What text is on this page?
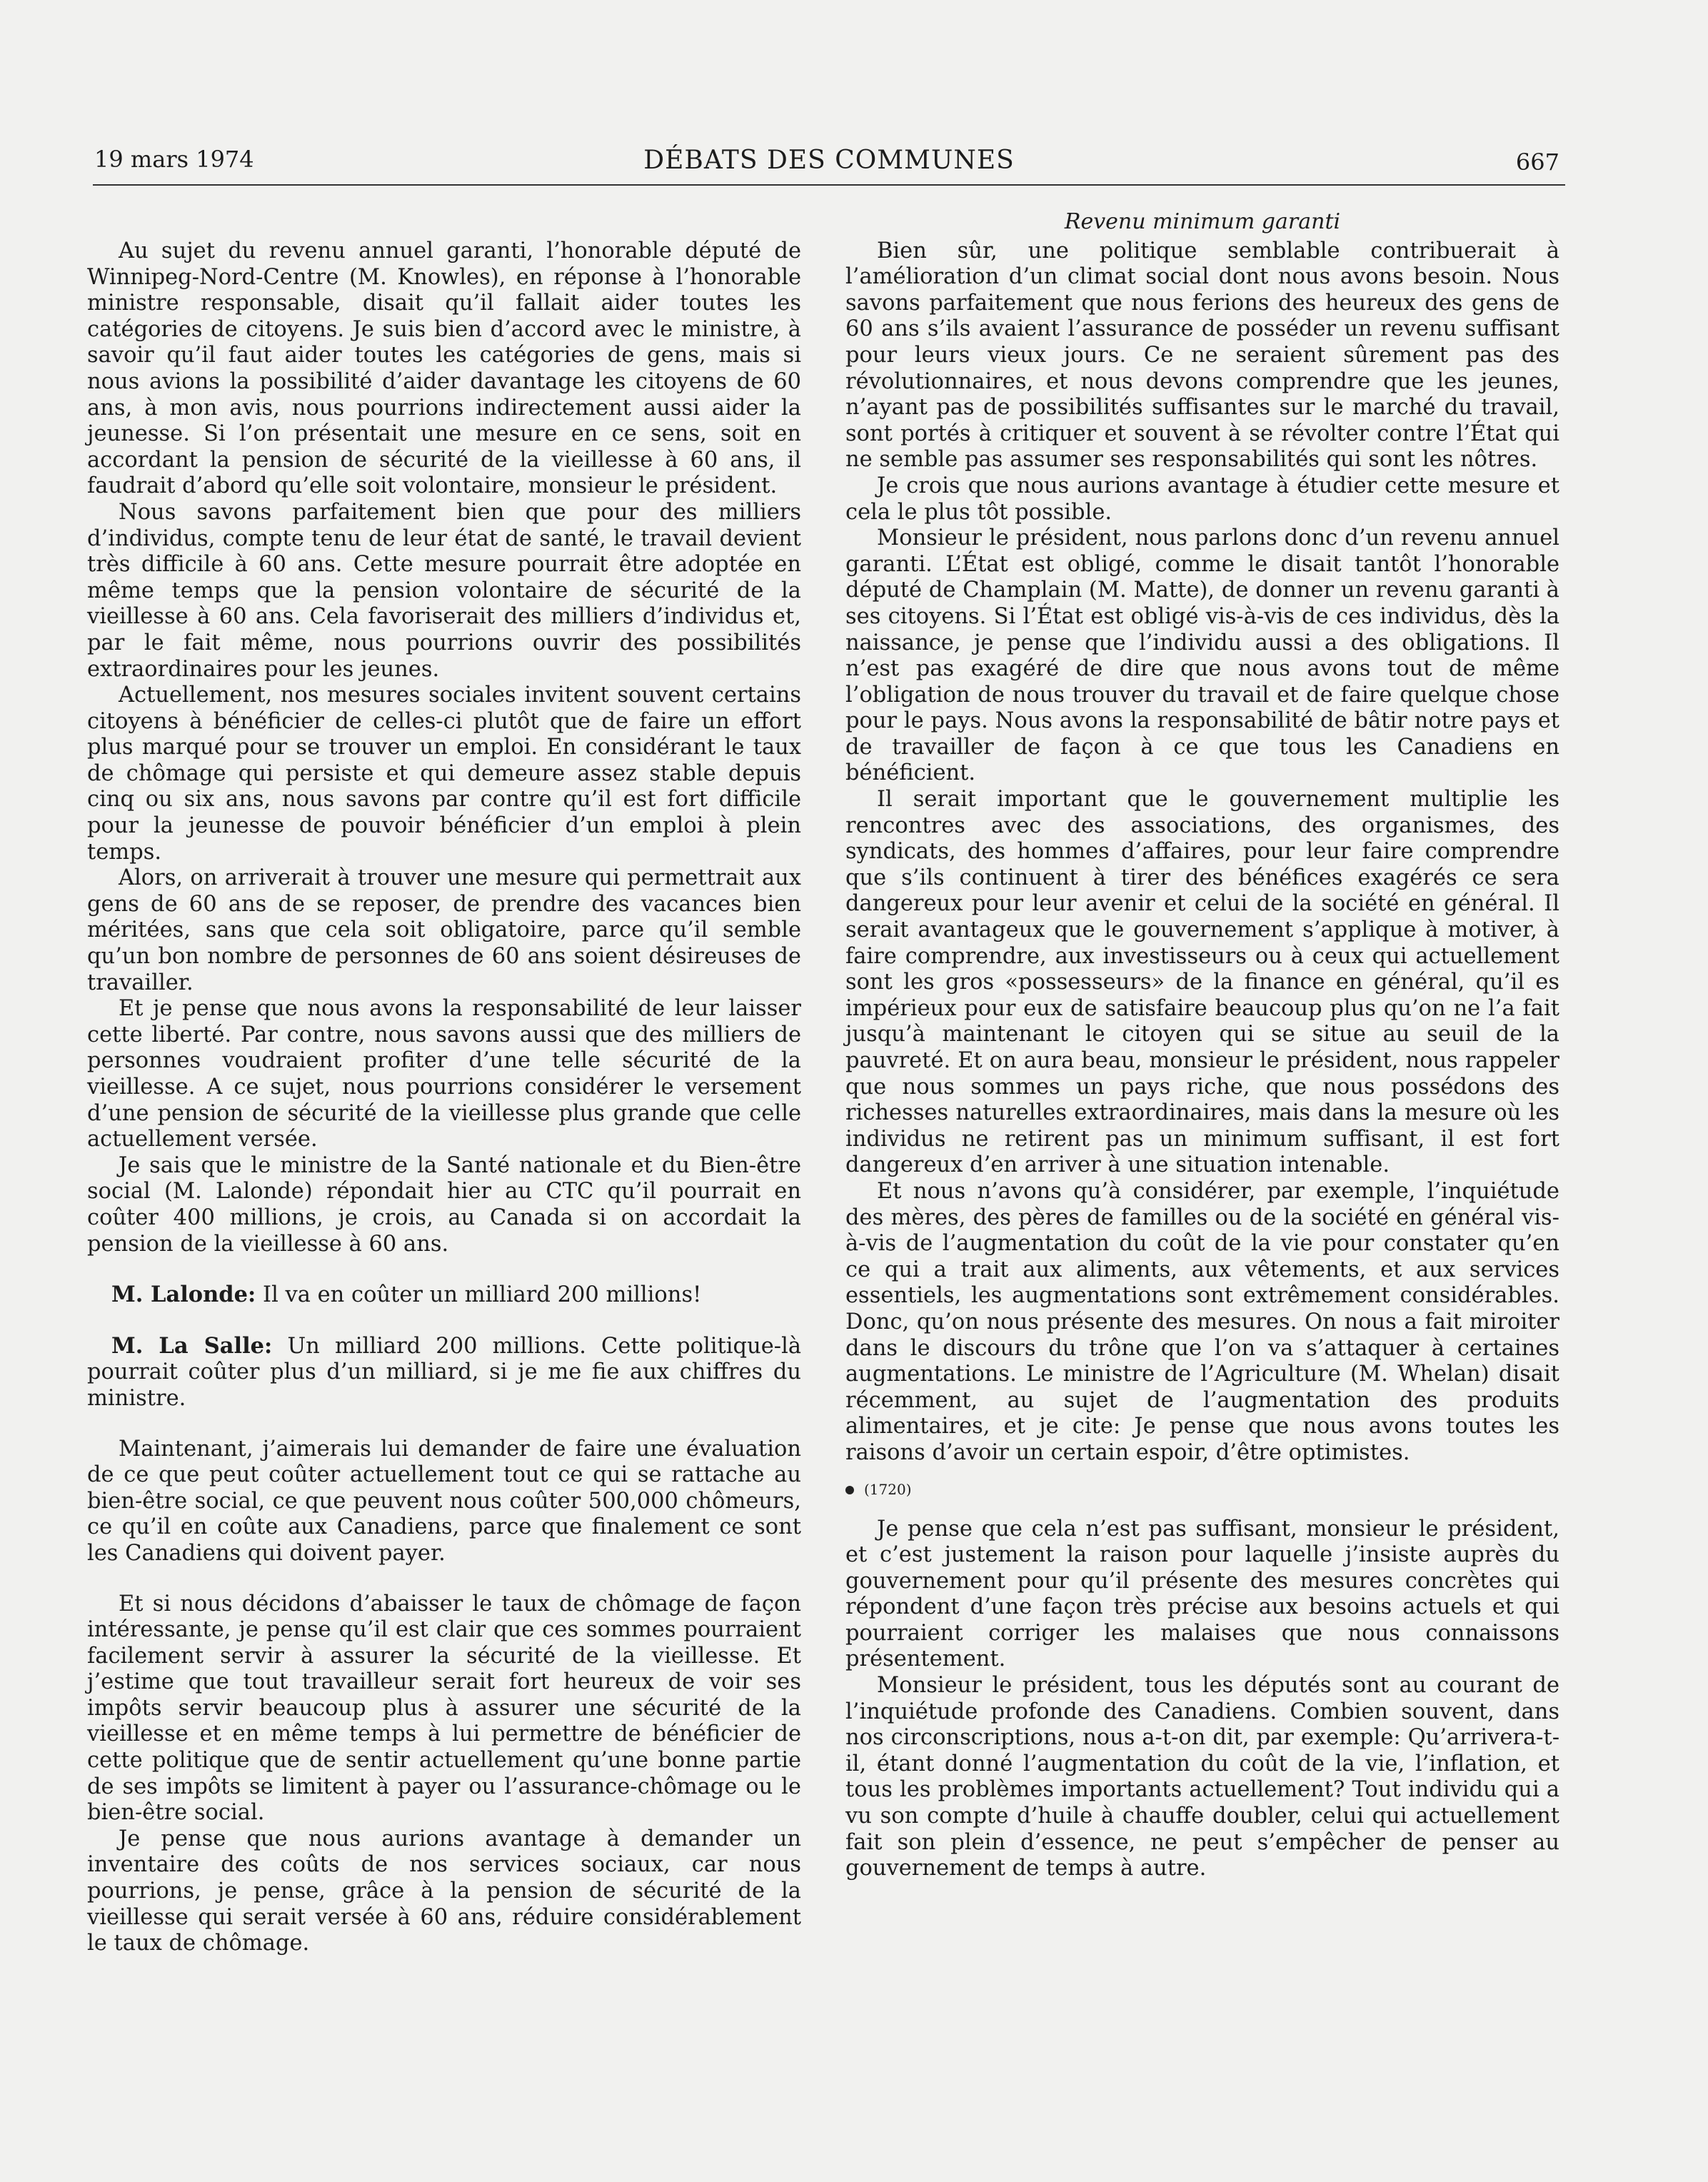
19 mars 1974	DÉBATS DES COMMUNES	667

Au sujet du revenu annuel garanti, l’honorable député de Winnipeg-Nord-Centre (M. Knowles), en réponse à l’honorable ministre responsable, disait qu’il fallait aider toutes les catégories de citoyens. Je suis bien d’accord avec le ministre, à savoir qu’il faut aider toutes les catégories de gens, mais si nous avions la possibilité d’aider davantage les citoyens de 60 ans, à mon avis, nous pourrions indirectement aussi aider la jeunesse. Si l’on présentait une mesure en ce sens, soit en accordant la pension de sécurité de la vieillesse à 60 ans, il faudrait d’abord qu’elle soit volontaire, monsieur le président.

Nous savons parfaitement bien que pour des milliers d’individus, compte tenu de leur état de santé, le travail devient très difficile à 60 ans. Cette mesure pourrait être adoptée en même temps que la pension volontaire de sécurité de la vieillesse à 60 ans. Cela favoriserait des milliers d’individus et, par le fait même, nous pourrions ouvrir des possibilités extraordinaires pour les jeunes.

Actuellement, nos mesures sociales invitent souvent certains citoyens à bénéficier de celles-ci plutôt que de faire un effort plus marqué pour se trouver un emploi. En considérant le taux de chômage qui persiste et qui demeure assez stable depuis cinq ou six ans, nous savons par contre qu’il est fort difficile pour la jeunesse de pouvoir bénéficier d’un emploi à plein temps.

Alors, on arriverait à trouver une mesure qui permettrait aux gens de 60 ans de se reposer, de prendre des vacances bien méritées, sans que cela soit obligatoire, parce qu’il semble qu’un bon nombre de personnes de 60 ans soient désireuses de travailler.

Et je pense que nous avons la responsabilité de leur laisser cette liberté. Par contre, nous savons aussi que des milliers de personnes voudraient profiter d’une telle sécurité de la vieillesse. A ce sujet, nous pourrions considérer le versement d’une pension de sécurité de la vieillesse plus grande que celle actuellement versée.

Je sais que le ministre de la Santé nationale et du Bien-être social (M. Lalonde) répondait hier au CTC qu’il pourrait en coûter 400 millions, je crois, au Canada si on accordait la pension de la vieillesse à 60 ans.

M. Lalonde: Il va en coûter un milliard 200 millions!

M. La Salle: Un milliard 200 millions. Cette politique-là pourrait coûter plus d’un milliard, si je me fie aux chiffres du ministre.

Maintenant, j’aimerais lui demander de faire une évaluation de ce que peut coûter actuellement tout ce qui se rattache au bien-être social, ce que peuvent nous coûter 500,000 chômeurs, ce qu’il en coûte aux Canadiens, parce que finalement ce sont les Canadiens qui doivent payer.

Et si nous décidons d’abaisser le taux de chômage de façon intéressante, je pense qu’il est clair que ces sommes pourraient facilement servir à assurer la sécurité de la vieillesse. Et j’estime que tout travailleur serait fort heureux de voir ses impôts servir beaucoup plus à assurer une sécurité de la vieillesse et en même temps à lui permettre de bénéficier de cette politique que de sentir actuellement qu’une bonne partie de ses impôts se limitent à payer ou l’assurance-chômage ou le bien-être social.

Je pense que nous aurions avantage à demander un inventaire des coûts de nos services sociaux, car nous pourrions, je pense, grâce à la pension de sécurité de la vieillesse qui serait versée à 60 ans, réduire considérablement le taux de chômage.

Revenu minimum garanti

Bien sûr, une politique semblable contribuerait à l’amélioration d’un climat social dont nous avons besoin. Nous savons parfaitement que nous ferions des heureux des gens de 60 ans s’ils avaient l’assurance de posséder un revenu suffisant pour leurs vieux jours. Ce ne seraient sûrement pas des révolutionnaires, et nous devons comprendre que les jeunes, n’ayant pas de possibilités suffisantes sur le marché du travail, sont portés à critiquer et souvent à se révolter contre l’État qui ne semble pas assumer ses responsabilités qui sont les nôtres.

Je crois que nous aurions avantage à étudier cette mesure et cela le plus tôt possible.

Monsieur le président, nous parlons donc d’un revenu annuel garanti. L’État est obligé, comme le disait tantôt l’honorable député de Champlain (M. Matte), de donner un revenu garanti à ses citoyens. Si l’État est obligé vis-à-vis de ces individus, dès la naissance, je pense que l’individu aussi a des obligations. Il n’est pas exagéré de dire que nous avons tout de même l’obligation de nous trouver du travail et de faire quelque chose pour le pays. Nous avons la responsabilité de bâtir notre pays et de travailler de façon à ce que tous les Canadiens en bénéficient.

Il serait important que le gouvernement multiplie les rencontres avec des associations, des organismes, des syndicats, des hommes d’affaires, pour leur faire comprendre que s’ils continuent à tirer des bénéfices exagérés ce sera dangereux pour leur avenir et celui de la société en général. Il serait avantageux que le gouvernement s’applique à motiver, à faire comprendre, aux investisseurs ou à ceux qui actuellement sont les gros «possesseurs» de la finance en général, qu’il es impérieux pour eux de satisfaire beaucoup plus qu’on ne l’a fait jusqu’à maintenant le citoyen qui se situe au seuil de la pauvreté. Et on aura beau, monsieur le président, nous rappeler que nous sommes un pays riche, que nous possédons des richesses naturelles extraordinaires, mais dans la mesure où les individus ne retirent pas un minimum suffisant, il est fort dangereux d’en arriver à une situation intenable.

Et nous n’avons qu’à considérer, par exemple, l’inquiétude des mères, des pères de familles ou de la société en général vis-à-vis de l’augmentation du coût de la vie pour constater qu’en ce qui a trait aux aliments, aux vêtements, et aux services essentiels, les augmentations sont extrêmement considérables. Donc, qu’on nous présente des mesures. On nous a fait miroiter dans le discours du trône que l’on va s’attaquer à certaines augmentations. Le ministre de l’Agriculture (M. Whelan) disait récemment, au sujet de l’augmentation des produits alimentaires, et je cite: Je pense que nous avons toutes les raisons d’avoir un certain espoir, d’être optimistes.

(1720)

Je pense que cela n’est pas suffisant, monsieur le président, et c’est justement la raison pour laquelle j’insiste auprès du gouvernement pour qu’il présente des mesures concrètes qui répondent d’une façon très précise aux besoins actuels et qui pourraient corriger les malaises que nous connaissons présentement.

Monsieur le président, tous les députés sont au courant de l’inquiétude profonde des Canadiens. Combien souvent, dans nos circonscriptions, nous a-t-on dit, par exemple: Qu’arrivera-t-il, étant donné l’augmentation du coût de la vie, l’inflation, et tous les problèmes importants actuellement? Tout individu qui a vu son compte d’huile à chauffe doubler, celui qui actuellement fait son plein d’essence, ne peut s’empêcher de penser au gouvernement de temps à autre.
